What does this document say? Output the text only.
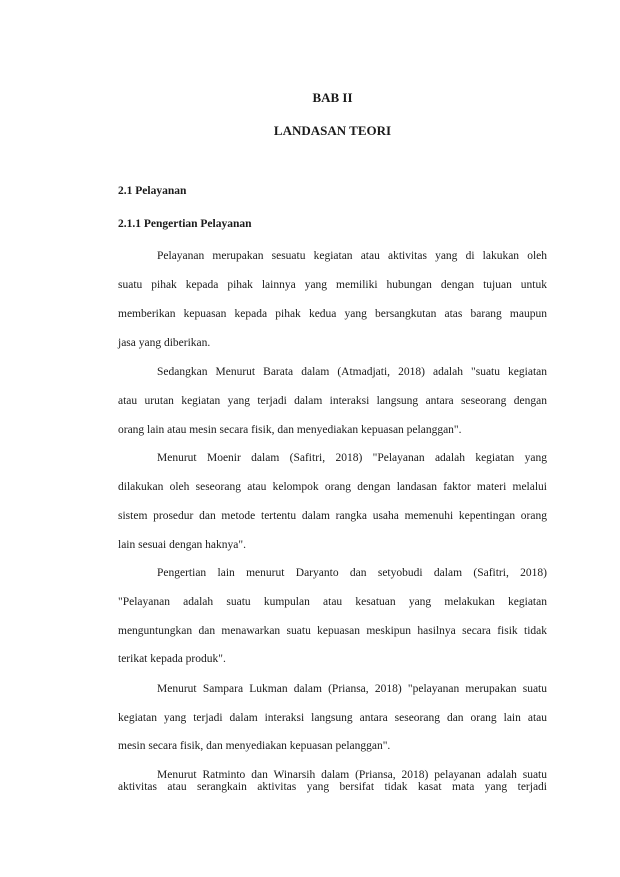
BAB II

LANDASAN TEORI

2.1 Pelayanan

2.1.1 Pengertian Pelayanan

Pelayanan merupakan sesuatu kegiatan atau aktivitas yang di lakukan oleh

suatu pihak kepada pihak lainnya yang memiliki hubungan dengan tujuan untuk

memberikan kepuasan kepada pihak kedua yang bersangkutan atas barang maupun

jasa yang diberikan.

Sedangkan Menurut Barata dalam (Atmadjati, 2018) adalah "suatu kegiatan

atau urutan kegiatan yang terjadi dalam interaksi langsung antara seseorang dengan

orang lain atau mesin secara fisik, dan menyediakan kepuasan pelanggan".

Menurut Moenir dalam (Safitri, 2018) "Pelayanan adalah kegiatan yang

dilakukan oleh seseorang atau kelompok orang dengan landasan faktor materi melalui

sistem prosedur dan metode tertentu dalam rangka usaha memenuhi kepentingan orang

lain sesuai dengan haknya".

Pengertian lain menurut Daryanto dan setyobudi dalam (Safitri, 2018)

"Pelayanan adalah suatu kumpulan atau kesatuan yang melakukan kegiatan

menguntungkan dan menawarkan suatu kepuasan meskipun hasilnya secara fisik tidak

terikat kepada produk".

Menurut Sampara Lukman dalam (Priansa, 2018) "pelayanan merupakan suatu

kegiatan yang terjadi dalam interaksi langsung antara seseorang dan orang lain atau

mesin secara fisik, dan menyediakan kepuasan pelanggan".

Menurut Ratminto dan Winarsih dalam (Priansa, 2018) pelayanan adalah suatu

aktivitas atau serangkain aktivitas yang bersifat tidak kasat mata yang terjadi
